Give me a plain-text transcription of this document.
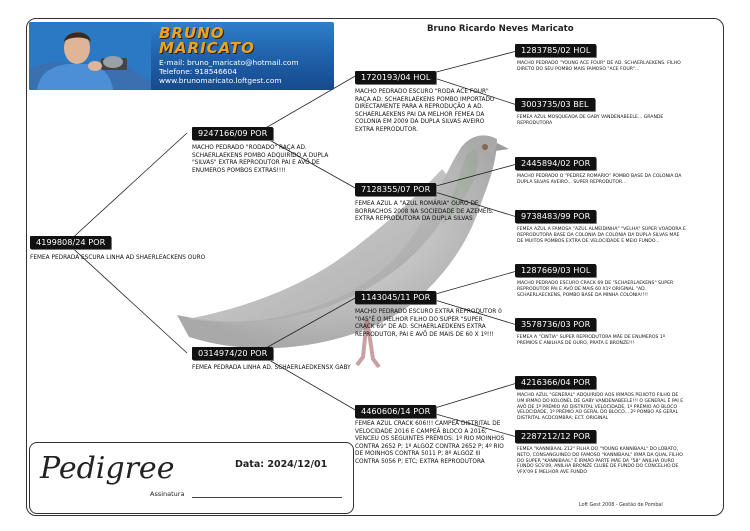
BRUNO
MARICATO
E-mail: bruno_maricato@hotmail.com
Telefone: 918546604
www.brunomaricato.loftgest.com
Bruno Ricardo Neves Maricato
4199808/24 POR
FEMEA PEDRADA ESCURA LINHA AD SHAERLEACKENS OURO
9247166/09 POR
MACHO PEDRADO "RODADO" RAÇA AD. SCHAERLAEKENS POMBO ADQUIRIDO A DUPLA "SILVAS" EXTRA REPRODUTOR PAI E AVÔ DE ENUMEROS POMBOS EXTRAS!!!!
0314974/20 POR
FEMEA PEDRADA LINHA AD. SCHAERLAEDKENSX GABY
1720193/04 HOL
MACHO PEDRADO ESCURO "RODA ACE FOUR" RAÇA AD. SCHAERLAEKENS POMBO IMPORTADO DIRECTAMENTE PARA A REPRODUÇÃO A AD. SCHAERLAEKENS PAI DA MELHOR FEMEA DA COLONIA EM 2009 DA DUPLA SILVAS AVEIRO EXTRA REPRODUTOR.
7128355/07 POR
FEMEA AZUL A "AZUL ROMÁRIA" OURO DE BORRACHOS 2008 NA SOCIEDADE DE AZEMEIS. EXTRA REPRODUTORA DA DUPLA SILVAS
1143045/11 POR
MACHO PEDRADO ESCURO EXTRA REPRODUTOR 0 "045"É O MELHOR FILHO DO SUPER "SUPER CRACK 69" DE AD. SCHAERLAEDKENS EXTRA REPRODUTOR, PAI E AVÔ DE MAIS DE 60 X 1º!!!
4460606/14 POR
FEMEA AZUL CRACK 606!!! CAMPEÃ DISTRITAL DE VELOCIDADE 2016 E CAMPEÃ BLOCO A 2016; VENCEU OS SEGUINTES PRÉMIOS: 1º RIO MOINHOS CONTRA 2652 P; 1º ALGOZ CONTRA 2652 P; 4º RIO DE MOINHOS CONTRA 5011 P; 8º ALGOZ III CONTRA 5056 P; ETC; EXTRA REPRODUTORA
1283785/02 HOL
MACHO PEDRADO "YOUNG ACE FOUR" DE AD. SCHAERLAEKENS. FILHO DIRETO DO SEU POMBO MAIS FAMOSO "ACE FOUR"...
3003735/03 BEL
FEMEA AZUL MOSQUEADA DE GABY VANDENABEELE... GRANDE REPRODUTORA
2445894/02 POR
MACHO PEDRADO O "PEDREZ ROMARIO" POMBO BASE DA COLONIA DA DUPLA SILVAS AVEIRO... SUPER REPRODUTOR...
9738483/99 POR
FEMEA AZUL A FAMOSA "AZUL ALMEIDINHA" "VELHA" SUPER VOADORA E REPRODUTORA BASE DA COLONIA DA COLONIA DA DUPLA SILVAS MÃE DE MUITOS POMBOS EXTRA DE VELOCIDADE E MEIO FUNDO...
1287669/03 HOL
MACHO PEDRADO ESCURO CRACK 69 DE "SCHAERLAEKENS" SUPER REPRODUTOR PAI E AVÔ DE MAIS 60 X1º ORIGINAL "AD. SCHAERLAECKENS, POMBO BASE DA MINHA COLONIA!!!!
3578736/03 POR
FEMEA A "CINTIA" SUPER REPRODUTORA MÃE DE ENUMEROS 1º PREMIOS E ANILHAS DE OURO, PRATA E BRONZE!!!
4216366/04 POR
MACHO AZUL "GENERAL" ADQUIRIDO AOS IRMÃOS PEIXOTO FILHO DE UM IRMÃO DO KOLONEL DE GABY VANDENABEELE!!! O GENERAL É PAI E AVÔ DE 1º PRÉMIO AO DISTRITAL VELOCIDADE, 1º PRÉMIO AO BLOCO VELOCIDADE, 1º PRÉMIO AO GERAL DO BLOCO... 2º POMBO AS GERAL DISTRITAL ACDCOMBRA; ECT. ORIGINAL
2287212/12 POR
FEMEA "KANNIBAAL 212" FILHA DO "YOUNG KANNIBAAL" DO LOBATO, NETO, CONSANGUINEO DO FAMOSO "KANNIBAAL" IRMÃ DA QUAL FILHO DO SUPER "KANNIBAAL" É IRMÃO PARTE MÃE DA "58" ANILHA OURO FUNDO SCS'09, ANILHA BRONZE CLUBE DE FUNDO DO CONCELHO DE VFX'09 E MELHOR AVE FUNDO
Pedigree	Data: 2024/12/01
Assinatura
Loft Gest 2008 - Gestão de Pombal
